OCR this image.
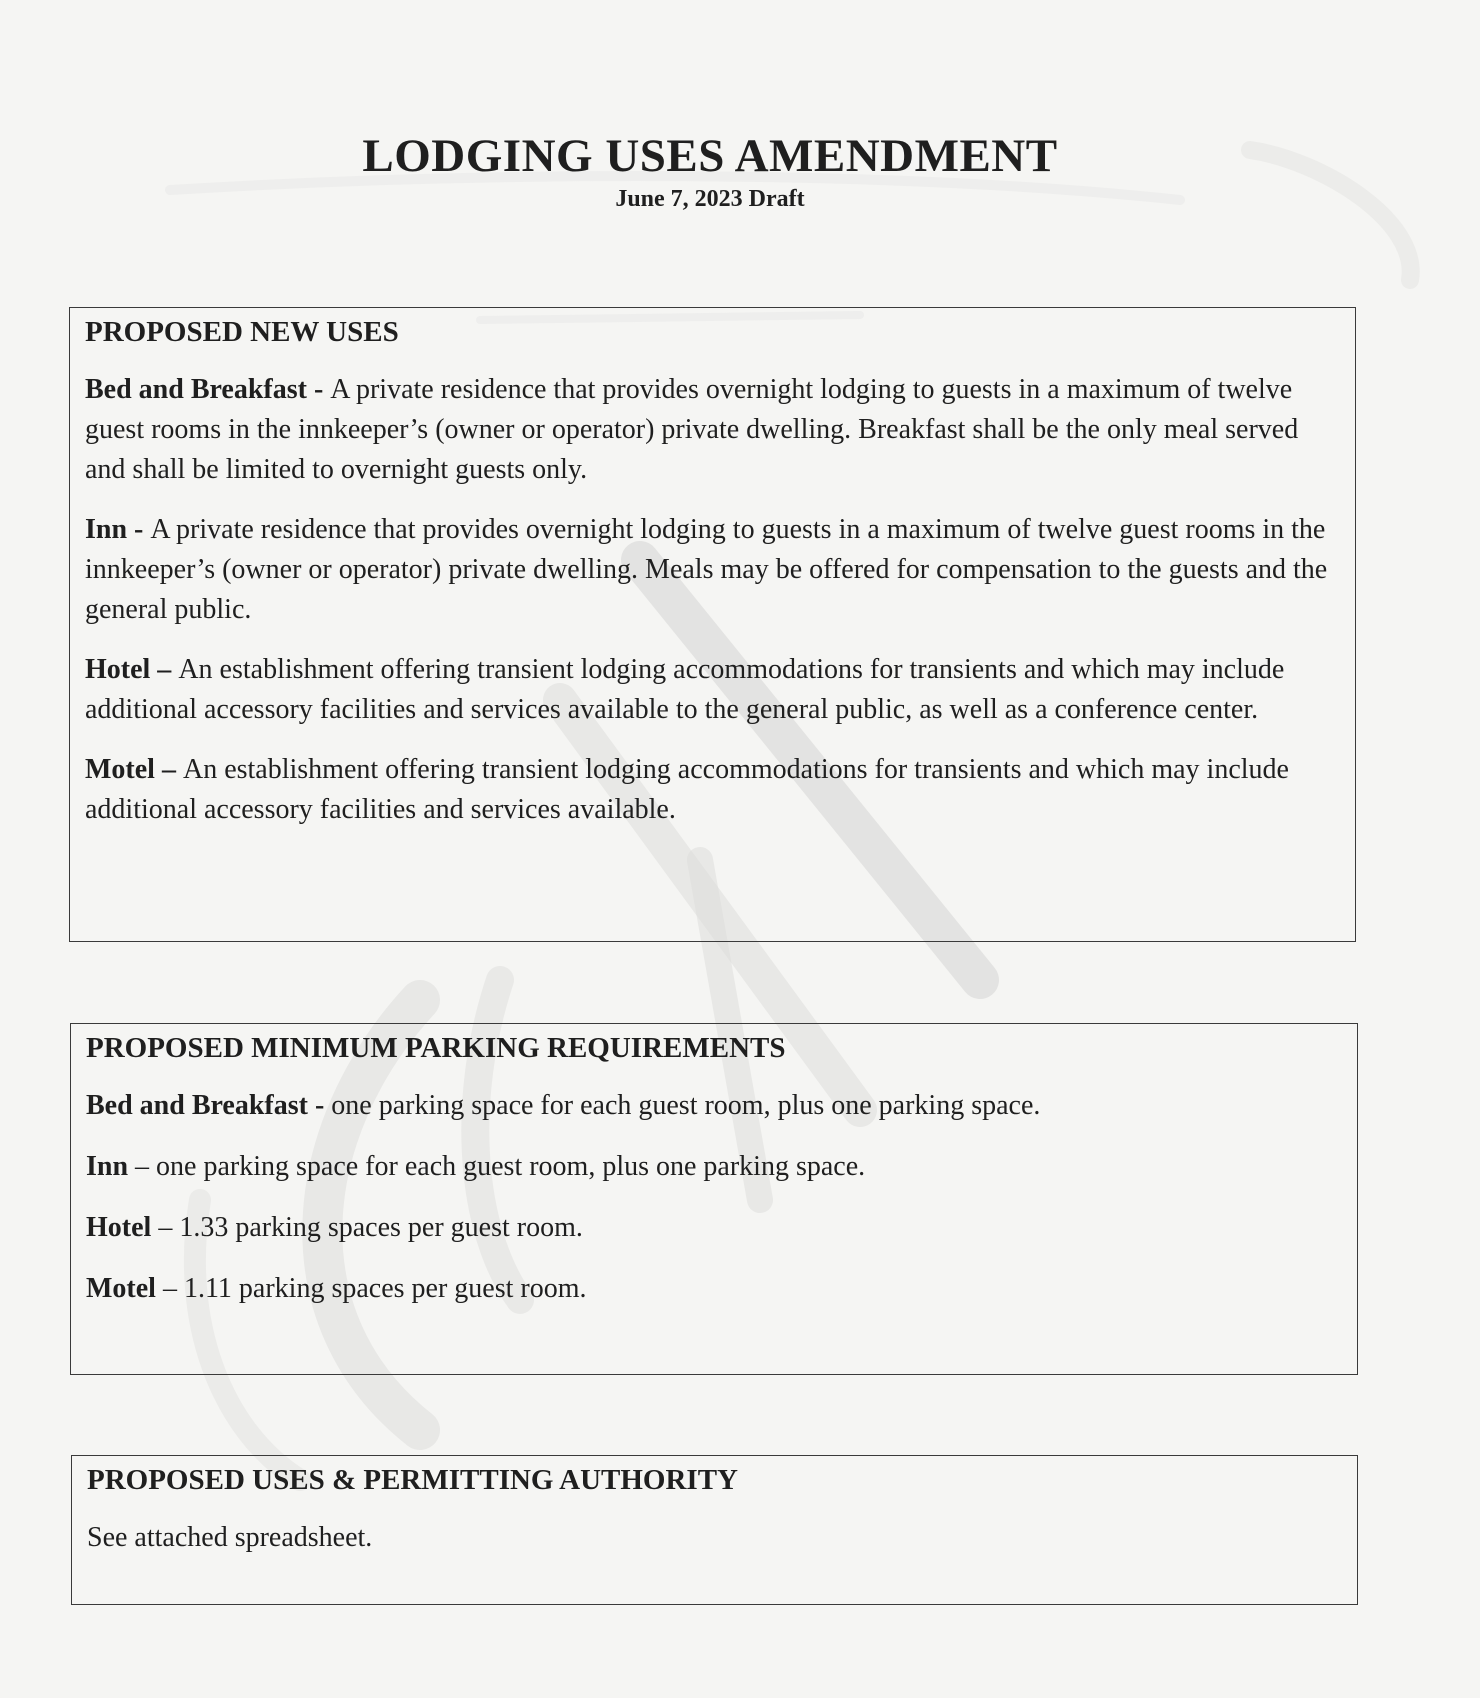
LODGING USES AMENDMENT

June 7, 2023 Draft

PROPOSED NEW USES

Bed and Breakfast - A private residence that provides overnight lodging to guests in a maximum of twelve guest rooms in the innkeeper’s (owner or operator) private dwelling. Breakfast shall be the only meal served and shall be limited to overnight guests only.

Inn - A private residence that provides overnight lodging to guests in a maximum of twelve guest rooms in the innkeeper’s (owner or operator) private dwelling. Meals may be offered for compensation to the guests and the general public.

Hotel – An establishment offering transient lodging accommodations for transients and which may include additional accessory facilities and services available to the general public, as well as a conference center.

Motel – An establishment offering transient lodging accommodations for transients and which may include additional accessory facilities and services available.

PROPOSED MINIMUM PARKING REQUIREMENTS

Bed and Breakfast - one parking space for each guest room, plus one parking space.

Inn – one parking space for each guest room, plus one parking space.

Hotel – 1.33 parking spaces per guest room.

Motel – 1.11 parking spaces per guest room.

PROPOSED USES & PERMITTING AUTHORITY

See attached spreadsheet.
